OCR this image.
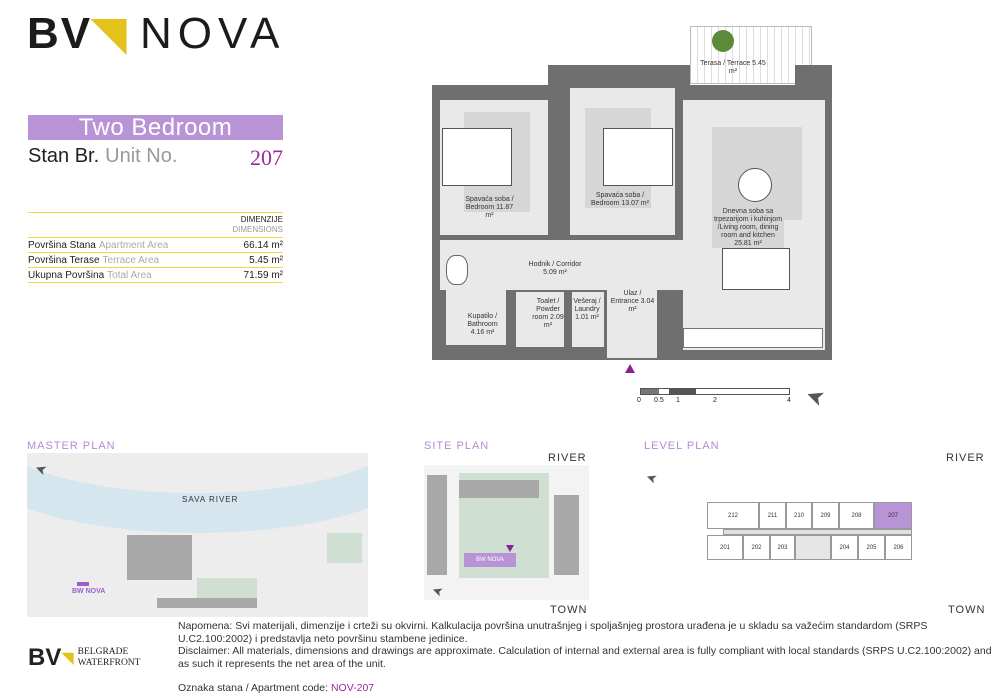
BV ◥ NOVA
Two Bedroom
Stan Br. Unit No.	207
DIMENZIJE
DIMENSIONS
Površina Stana Apartment Area	66.14 m²
Površina Terase Terrace Area	5.45 m²
Ukupna Površina Total Area	71.59 m²
Terasa / Terrace 5.45 m²
Spavaća soba / Bedroom 11.87 m²
Spavaća soba / Bedroom 13.07 m²
Dnevna soba sa trpezarijom i kuhinjom /Living room, dining room and kitchen 25.81 m²
Hodnik / Corridor 5.09 m²
Ulaz / Entrance 3.04 m²
Kupatilo / Bathroom 4.16 m²
Toalet / Powder room 2.09 m²
Vešeraj / Laundry 1.01 m²
0 0.5 1	2	4 ➤
MASTER PLAN
SAVA RIVER
BW NOVA
➤
SITE PLAN
RIVER
BW NOVA
➤
TOWN
LEVEL PLAN
RIVER
➤
212	211	210	209	208	207
201	202	203	204	205	206
TOWN
BV ◥ BELGRADE
WATERFRONT
Napomena: Svi materijali, dimenzije i crteži su okvirni. Kalkulacija površina unutrašnjeg i spoljašnjeg prostora urađena je u skladu sa važećim standardom (SRPS U.C2.100:2002) i predstavlja neto površinu stambene jedinice.
Disclaimer: All materials, dimensions and drawings are approximate. Calculation of internal and external area is fully compliant with local standards (SRPS U.C2.100:2002) and as such it represents the net area of the unit.
Oznaka stana / Apartment code: NOV-207
